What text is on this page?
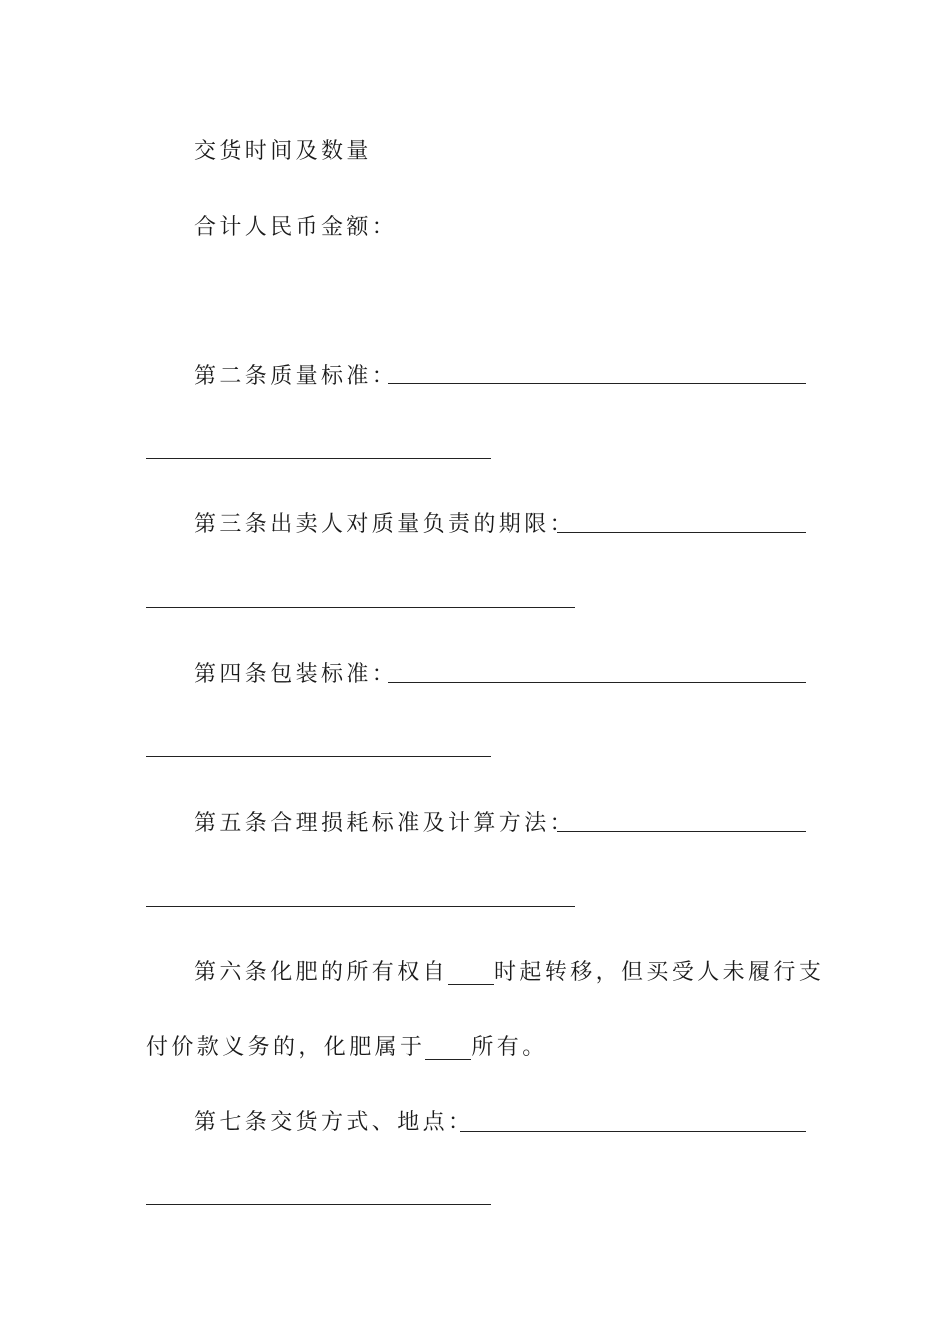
交货时间及数量
合计人民币金额：
第二条质量标准：
第三条出卖人对质量负责的期限：
第四条包装标准：
第五条合理损耗标准及计算方法：
第六条化肥的所有权自 时起转移，但买受人未履行支
付价款义务的，化肥属于 所有。
第七条交货方式、地点：
